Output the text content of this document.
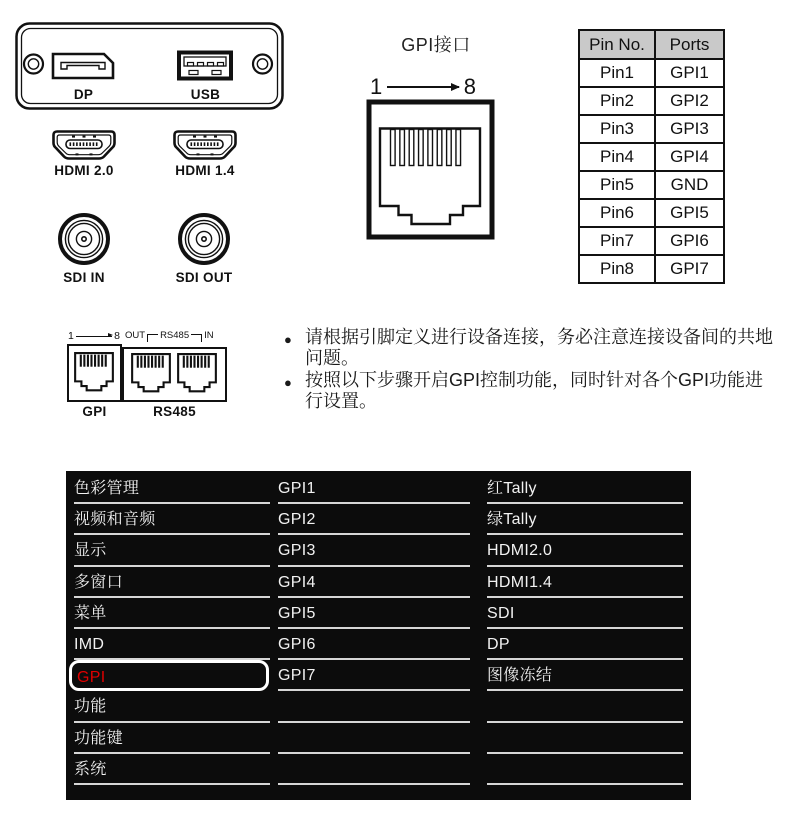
DP	USB
HDMI 2.0	HDMI 1.4
SDI IN	SDI OUT
GPI接口
1	8
Pin No.	Ports
Pin1	GPI1
Pin2	GPI2
Pin3	GPI3
Pin4	GPI4
Pin5	GND
Pin6	GPI5
Pin7	GPI6
Pin8	GPI7
1	8 OUT RS485 IN
GPI	RS485
● 请根据引脚定义进行设备连接，务必注意连接设备间的共地问题。
● 按照以下步骤开启GPI控制功能，同时针对各个GPI功能进行设置。
色彩管理
视频和音频
显示
多窗口
菜单
IMD
GPI
功能
功能键
系统
GPI1
GPI2
GPI3
GPI4
GPI5
GPI6
GPI7
红Tally
绿Tally
HDMI2.0
HDMI1.4
SDI
DP
图像冻结
